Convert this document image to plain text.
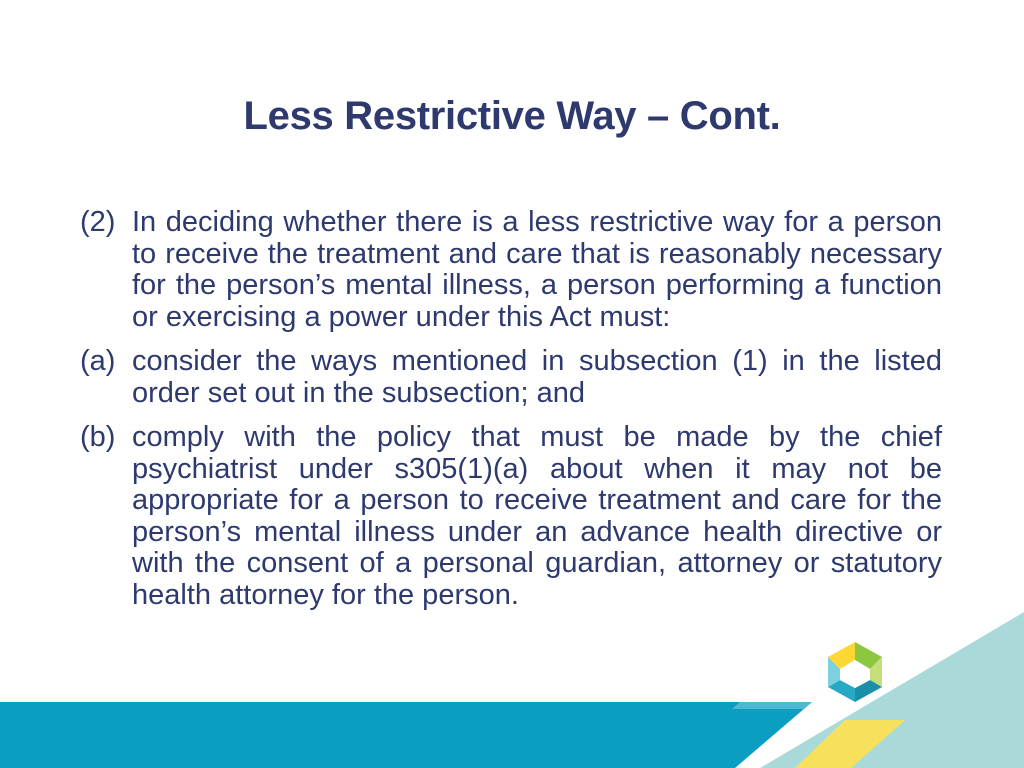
Less Restrictive Way – Cont.
(2) In deciding whether there is a less restrictive way for a person to receive the treatment and care that is reasonably necessary for the person’s mental illness, a person performing a function or exercising a power under this Act must:
(a) consider the ways mentioned in subsection (1) in the listed order set out in the subsection; and
(b) comply with the policy that must be made by the chief psychiatrist under s305(1)(a) about when it may not be appropriate for a person to receive treatment and care for the person’s mental illness under an advance health directive or with the consent of a personal guardian, attorney or statutory health attorney for the person.
